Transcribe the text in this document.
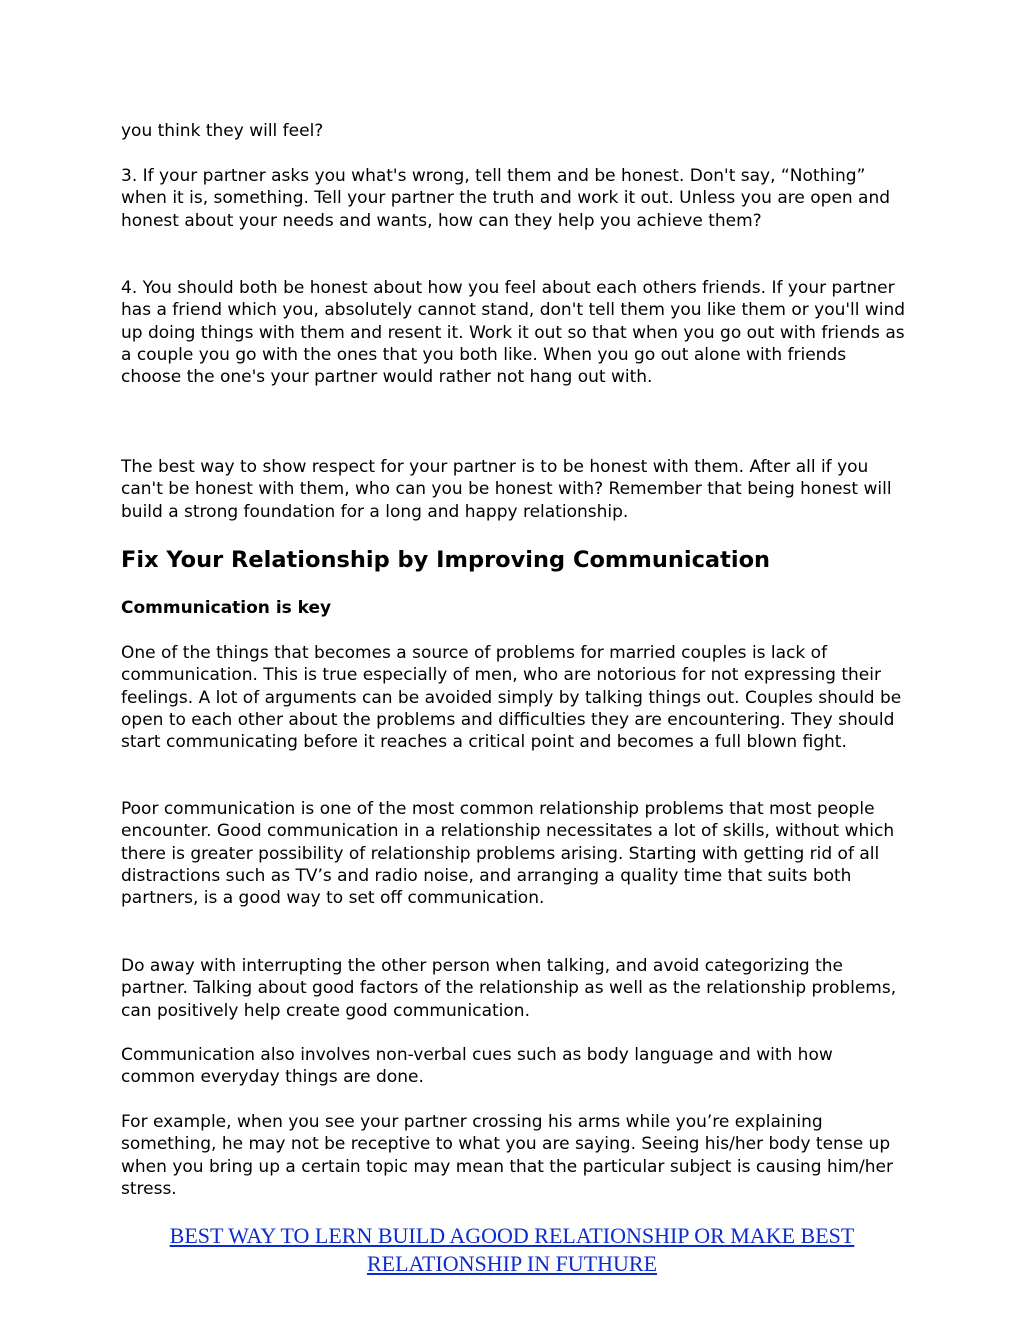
you think they will feel?

3. If your partner asks you what's wrong, tell them and be honest. Don't say, “Nothing” when it is, something. Tell your partner the truth and work it out. Unless you are open and honest about your needs and wants, how can they help you achieve them?

4. You should both be honest about how you feel about each others friends. If your partner has a friend which you, absolutely cannot stand, don't tell them you like them or you'll wind up doing things with them and resent it. Work it out so that when you go out with friends as a couple you go with the ones that you both like. When you go out alone with friends choose the one's your partner would rather not hang out with.

The best way to show respect for your partner is to be honest with them. After all if you can't be honest with them, who can you be honest with? Remember that being honest will build a strong foundation for a long and happy relationship.

Fix Your Relationship by Improving Communication

Communication is key

One of the things that becomes a source of problems for married couples is lack of communication. This is true especially of men, who are notorious for not expressing their feelings. A lot of arguments can be avoided simply by talking things out. Couples should be open to each other about the problems and difficulties they are encountering. They should start communicating before it reaches a critical point and becomes a full blown fight.

Poor communication is one of the most common relationship problems that most people encounter. Good communication in a relationship necessitates a lot of skills, without which there is greater possibility of relationship problems arising. Starting with getting rid of all distractions such as TV’s and radio noise, and arranging a quality time that suits both partners, is a good way to set off communication.

Do away with interrupting the other person when talking, and avoid categorizing the partner. Talking about good factors of the relationship as well as the relationship problems, can positively help create good communication.

Communication also involves non-verbal cues such as body language and with how common everyday things are done.

For example, when you see your partner crossing his arms while you’re explaining something, he may not be receptive to what you are saying. Seeing his/her body tense up when you bring up a certain topic may mean that the particular subject is causing him/her stress.

BEST WAY TO LERN BUILD AGOOD RELATIONSHIP OR MAKE BEST
RELATIONSHIP IN FUTHURE
